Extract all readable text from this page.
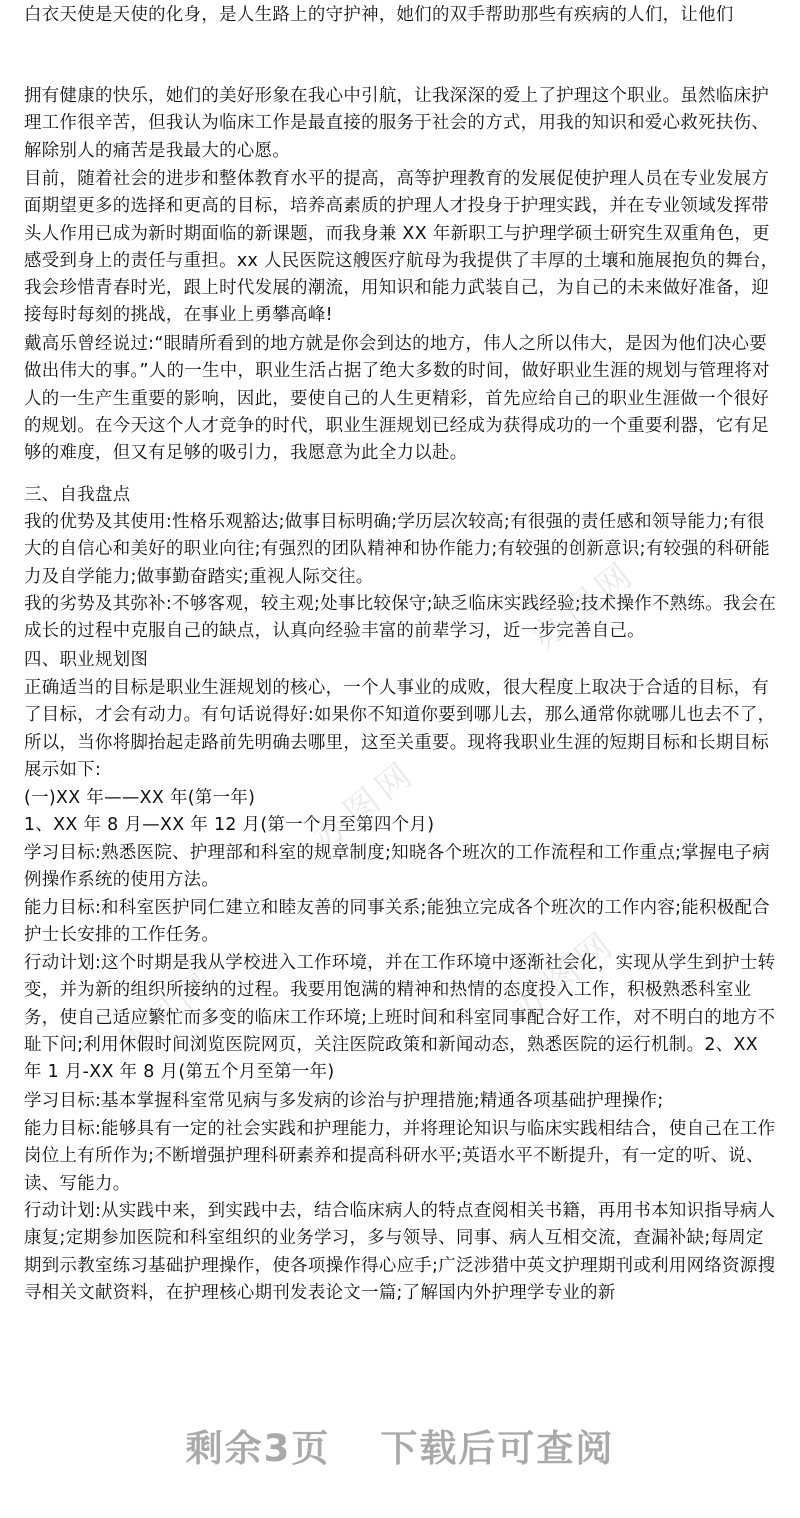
办图网
办图网
办图网	办图网

白衣天使是天使的化身，是人生路上的守护神，她们的双手帮助那些有疾病的人们，让他们

拥有健康的快乐，她们的美好形象在我心中引航，让我深深的爱上了护理这个职业。虽然临床护理工作很辛苦，但我认为临床工作是最直接的服务于社会的方式，用我的知识和爱心救死扶伤、解除别人的痛苦是我最大的心愿。

目前，随着社会的进步和整体教育水平的提高，高等护理教育的发展促使护理人员在专业发展方面期望更多的选择和更高的目标，培养高素质的护理人才投身于护理实践，并在专业领域发挥带头人作用已成为新时期面临的新课题，而我身兼 XX 年新职工与护理学硕士研究生双重角色，更感受到身上的责任与重担。xx 人民医院这艘医疗航母为我提供了丰厚的土壤和施展抱负的舞台，我会珍惜青春时光，跟上时代发展的潮流，用知识和能力武装自己，为自己的未来做好准备，迎接每时每刻的挑战，在事业上勇攀高峰!

戴高乐曾经说过:“眼睛所看到的地方就是你会到达的地方，伟人之所以伟大，是因为他们决心要做出伟大的事。”人的一生中，职业生活占据了绝大多数的时间，做好职业生涯的规划与管理将对人的一生产生重要的影响，因此，要使自己的人生更精彩，首先应给自己的职业生涯做一个很好的规划。在今天这个人才竞争的时代，职业生涯规划已经成为获得成功的一个重要利器，它有足够的难度，但又有足够的吸引力，我愿意为此全力以赴。

三、自我盘点

我的优势及其使用:性格乐观豁达;做事目标明确;学历层次较高;有很强的责任感和领导能力;有很大的自信心和美好的职业向往;有强烈的团队精神和协作能力;有较强的创新意识;有较强的科研能力及自学能力;做事勤奋踏实;重视人际交往。

我的劣势及其弥补:不够客观，较主观;处事比较保守;缺乏临床实践经验;技术操作不熟练。我会在成长的过程中克服自己的缺点，认真向经验丰富的前辈学习，近一步完善自己。

四、职业规划图

正确适当的目标是职业生涯规划的核心，一个人事业的成败，很大程度上取决于合适的目标，有了目标，才会有动力。有句话说得好:如果你不知道你要到哪儿去，那么通常你就哪儿也去不了，所以，当你将脚抬起走路前先明确去哪里，这至关重要。现将我职业生涯的短期目标和长期目标展示如下:

(一)XX 年——XX 年(第一年)

1、XX 年 8 月—XX 年 12 月(第一个月至第四个月)

学习目标:熟悉医院、护理部和科室的规章制度;知晓各个班次的工作流程和工作重点;掌握电子病例操作系统的使用方法。

能力目标:和科室医护同仁建立和睦友善的同事关系;能独立完成各个班次的工作内容;能积极配合护士长安排的工作任务。

行动计划:这个时期是我从学校进入工作环境，并在工作环境中逐渐社会化，实现从学生到护士转变，并为新的组织所接纳的过程。我要用饱满的精神和热情的态度投入工作，积极熟悉科室业务，使自己适应繁忙而多变的临床工作环境;上班时间和科室同事配合好工作，对不明白的地方不耻下问;利用休假时间浏览医院网页，关注医院政策和新闻动态，熟悉医院的运行机制。2、XX 年 1 月-XX 年 8 月(第五个月至第一年)

学习目标:基本掌握科室常见病与多发病的诊治与护理措施;精通各项基础护理操作;

能力目标:能够具有一定的社会实践和护理能力，并将理论知识与临床实践相结合，使自己在工作岗位上有所作为;不断增强护理科研素养和提高科研水平;英语水平不断提升，有一定的听、说、读、写能力。

行动计划:从实践中来，到实践中去，结合临床病人的特点查阅相关书籍，再用书本知识指导病人康复;定期参加医院和科室组织的业务学习，多与领导、同事、病人互相交流，查漏补缺;每周定期到示教室练习基础护理操作，使各项操作得心应手;广泛涉猎中英文护理期刊或利用网络资源搜寻相关文献资料，在护理核心期刊发表论文一篇;了解国内外护理学专业的新

剩余3页 下载后可查阅
